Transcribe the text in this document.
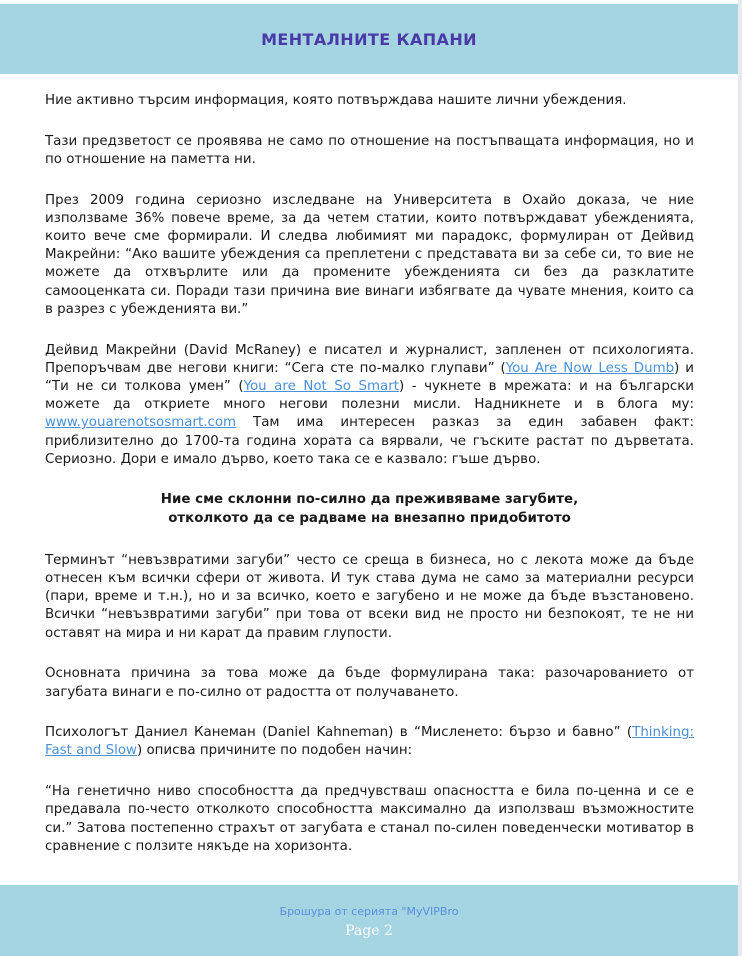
МЕНТАЛНИТЕ КАПАНИ

Ние активно търсим информация, която потвърждава нашите лични убеждения.

Тази предзветост се проявява не само по отношение на постъпващата информация, но и по отношение на паметта ни.

През 2009 година сериозно изследване на Университета в Охайо доказа, че ние използваме 36% повече време, за да четем статии, които потвърждават убежденията, които вече сме формирали. И следва любимият ми парадокс, формулиран от Дейвид Макрейни: “Ако вашите убеждения са преплетени с представата ви за себе си, то вие не можете да отхвърлите или да промените убежденията си без да разклатите самооценката си. Поради тази причина вие винаги избягвате да чувате мнения, които са в разрез с убежденията ви.”

Дейвид Макрейни (David McRaney) е писател и журналист, запленен от психологията. Препоръчвам две негови книги: “Сега сте по-малко глупави” (You Are Now Less Dumb) и “Ти не си толкова умен” (You are Not So Smart) - чукнете в мрежата: и на български можете да откриете много негови полезни мисли. Надникнете и в блога му: www.youarenotsosmart.com Там има интересен разказ за един забавен факт: приблизително до 1700-та година хората са вярвали, че гъските растат по дърветата. Сериозно. Дори е имало дърво, което така се е казвало: гъше дърво.

Ние сме склонни по-силно да преживяваме загубите,
отколкото да се радваме на внезапно придобитото

Терминът “невъзвратими загуби” често се среща в бизнеса, но с лекота може да бъде отнесен към всички сфери от живота. И тук става дума не само за материални ресурси (пари, време и т.н.), но и за всичко, което е загубено и не може да бъде възстановено. Всички “невъзвратими загуби” при това от всеки вид не просто ни безпокоят, те не ни оставят на мира и ни карат да правим глупости.

Основната причина за това може да бъде формулирана така: разочарованието от загубата винаги е по-силно от радостта от получаването.

Психологът Даниел Канеман (Daniel Kahneman) в “Мисленето: бързо и бавно” (Thinking: Fast and Slow) описва причините по подобен начин:

“На генетично ниво способността да предчувстваш опасността е била по-ценна и се е предавала по-често отколкото способността максимално да използваш възможностите си.” Затова постепенно страхът от загубата е станал по-силен поведенчески мотиватор в сравнение с ползите някъде на хоризонта.

Брошура от серията "MyVIPBro
Page 2
